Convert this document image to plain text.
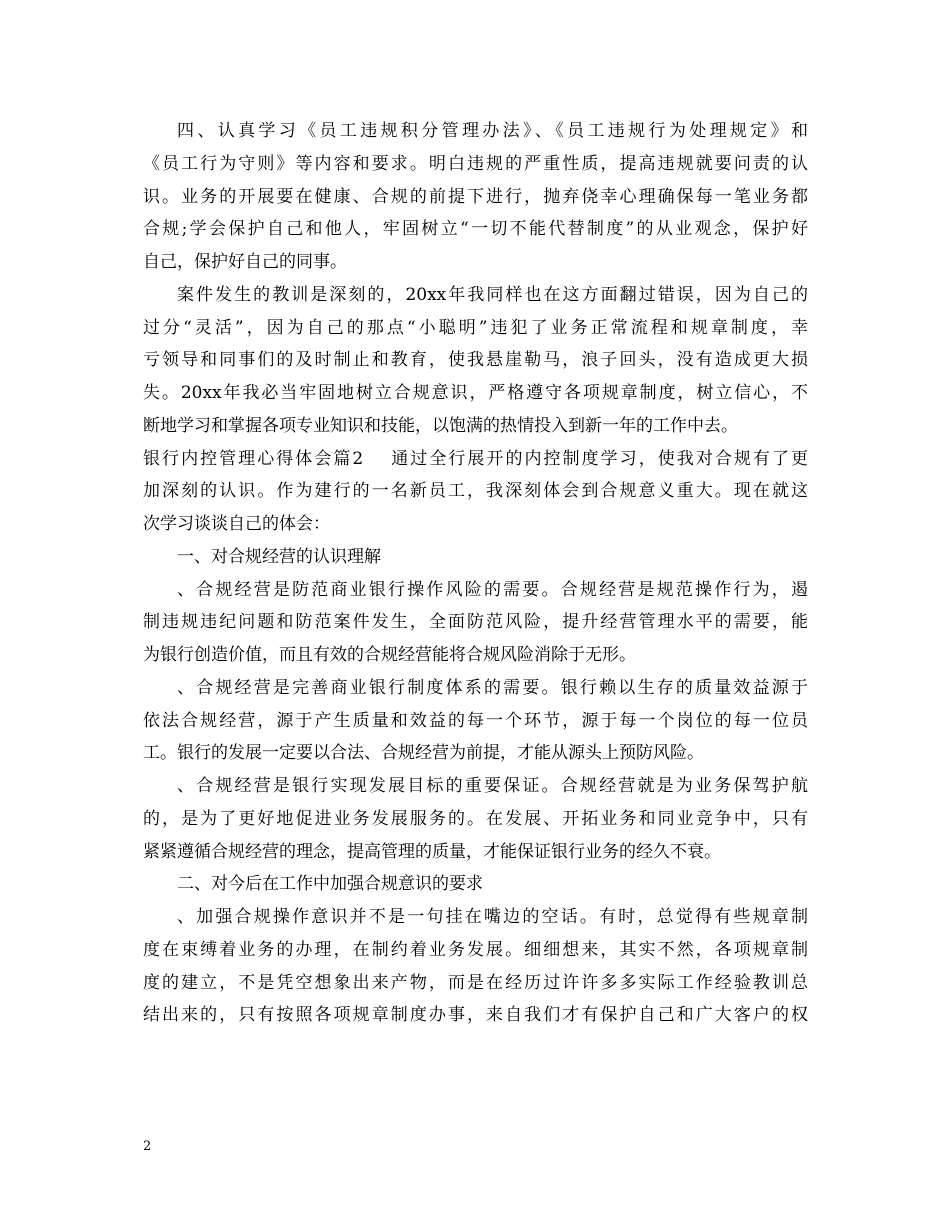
四、认真学习《员工违规积分管理办法》、《员工违规行为处理规定》和
《员工行为守则》等内容和要求。明白违规的严重性质，提高违规就要问责的认
识。业务的开展要在健康、合规的前提下进行，抛弃侥幸心理确保每一笔业务都
合规;学会保护自己和他人，牢固树立“一切不能代替制度”的从业观念，保护好
自己，保护好自己的同事。
案件发生的教训是深刻的，20xx年我同样也在这方面翻过错误，因为自己的
过分“灵活”，因为自己的那点“小聪明”违犯了业务正常流程和规章制度，幸
亏领导和同事们的及时制止和教育，使我悬崖勒马，浪子回头，没有造成更大损
失。20xx年我必当牢固地树立合规意识，严格遵守各项规章制度，树立信心，不
断地学习和掌握各项专业知识和技能，以饱满的热情投入到新一年的工作中去。
银行内控管理心得体会篇2 通过全行展开的内控制度学习，使我对合规有了更
加深刻的认识。作为建行的一名新员工，我深刻体会到合规意义重大。现在就这
次学习谈谈自己的体会：
一、对合规经营的认识理解
、合规经营是防范商业银行操作风险的需要。合规经营是规范操作行为，遏
制违规违纪问题和防范案件发生，全面防范风险，提升经营管理水平的需要，能
为银行创造价值，而且有效的合规经营能将合规风险消除于无形。
、合规经营是完善商业银行制度体系的需要。银行赖以生存的质量效益源于
依法合规经营，源于产生质量和效益的每一个环节，源于每一个岗位的每一位员
工。银行的发展一定要以合法、合规经营为前提，才能从源头上预防风险。
、合规经营是银行实现发展目标的重要保证。合规经营就是为业务保驾护航
的，是为了更好地促进业务发展服务的。在发展、开拓业务和同业竞争中，只有
紧紧遵循合规经营的理念，提高管理的质量，才能保证银行业务的经久不衰。
二、对今后在工作中加强合规意识的要求
、加强合规操作意识并不是一句挂在嘴边的空话。有时，总觉得有些规章制
度在束缚着业务的办理，在制约着业务发展。细细想来，其实不然，各项规章制
度的建立，不是凭空想象出来产物，而是在经历过许许多多实际工作经验教训总
结出来的，只有按照各项规章制度办事，来自我们才有保护自己和广大客户的权
2
